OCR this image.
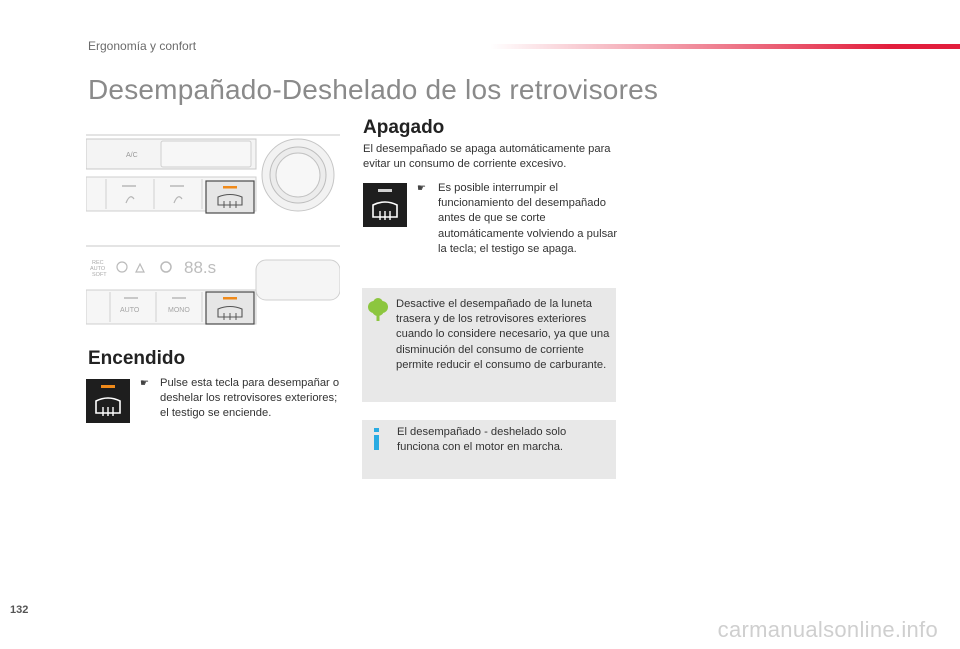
Ergonomía y confort
Desempañado-Deshelado de los retrovisores
A/C
REC
AUTO
SOFT	88.s
AUTO	MONO
Encendido
☛ Pulse esta tecla para desempañar o deshelar los retrovisores exteriores; el testigo se enciende.
Apagado
El desempañado se apaga automáticamente para evitar un consumo de corriente excesivo.
☛ Es posible interrumpir el funcionamiento del desempañado antes de que se corte automáticamente volviendo a pulsar la tecla; el testigo se apaga.
Desactive el desempañado de la luneta trasera y de los retrovisores exteriores cuando lo considere necesario, ya que una disminución del consumo de corriente permite reducir el consumo de carburante.
El desempañado - deshelado solo funciona con el motor en marcha.
132
carmanualsonline.info
